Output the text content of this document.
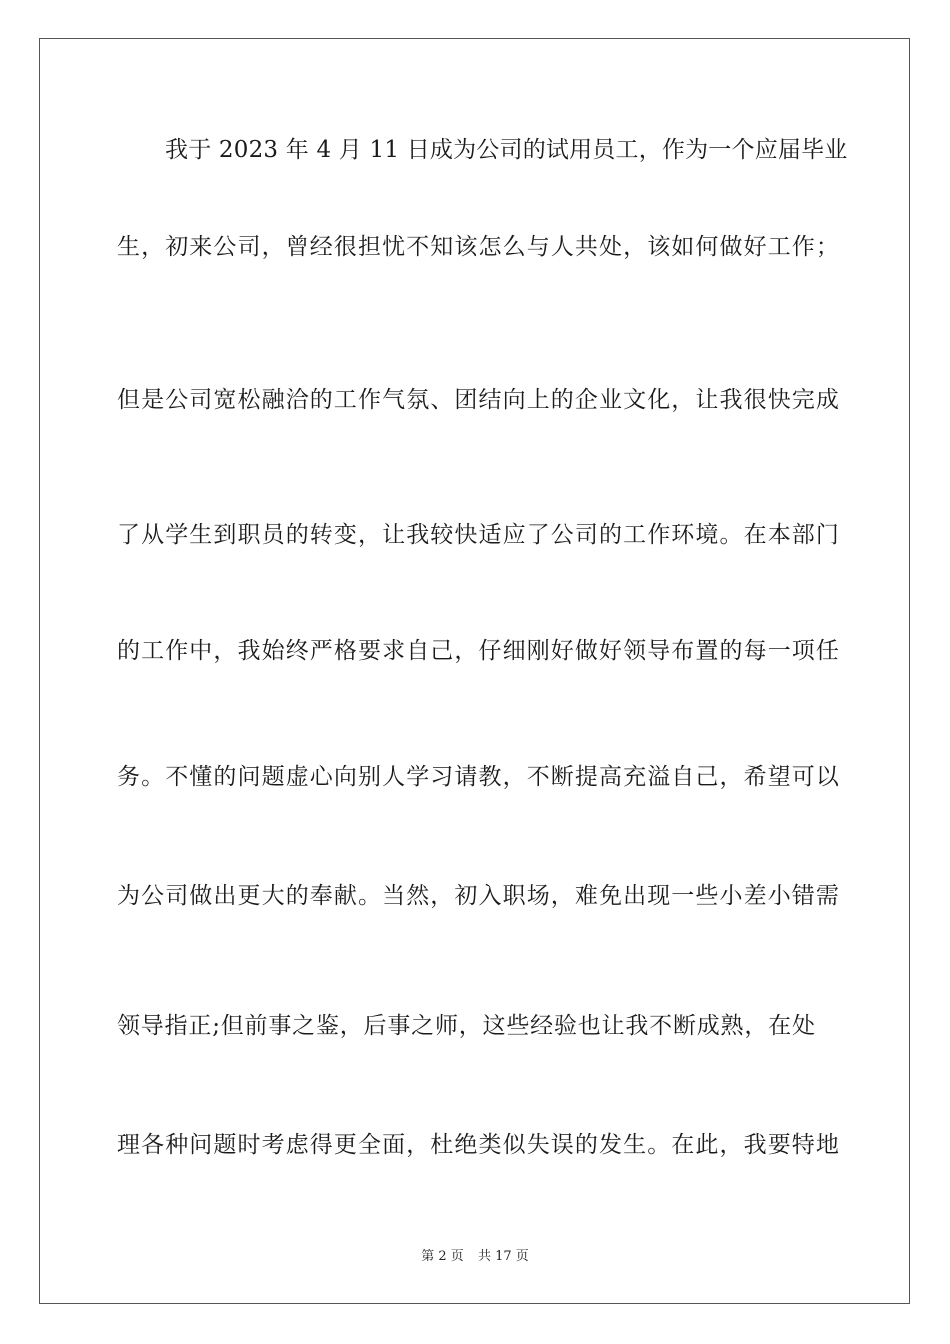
我于 2023 年 4 月 11 日成为公司的试用员工，作为一个应届毕业
生，初来公司，曾经很担忧不知该怎么与人共处，该如何做好工作；
但是公司宽松融洽的工作气氛、团结向上的企业文化，让我很快完成
了从学生到职员的转变，让我较快适应了公司的工作环境。在本部门
的工作中，我始终严格要求自己，仔细刚好做好领导布置的每一项任
务。不懂的问题虚心向别人学习请教，不断提高充溢自己，希望可以
为公司做出更大的奉献。当然，初入职场，难免出现一些小差小错需
领导指正;但前事之鉴，后事之师，这些经验也让我不断成熟，在处
理各种问题时考虑得更全面，杜绝类似失误的发生。在此，我要特地
第 2 页 共 17 页
